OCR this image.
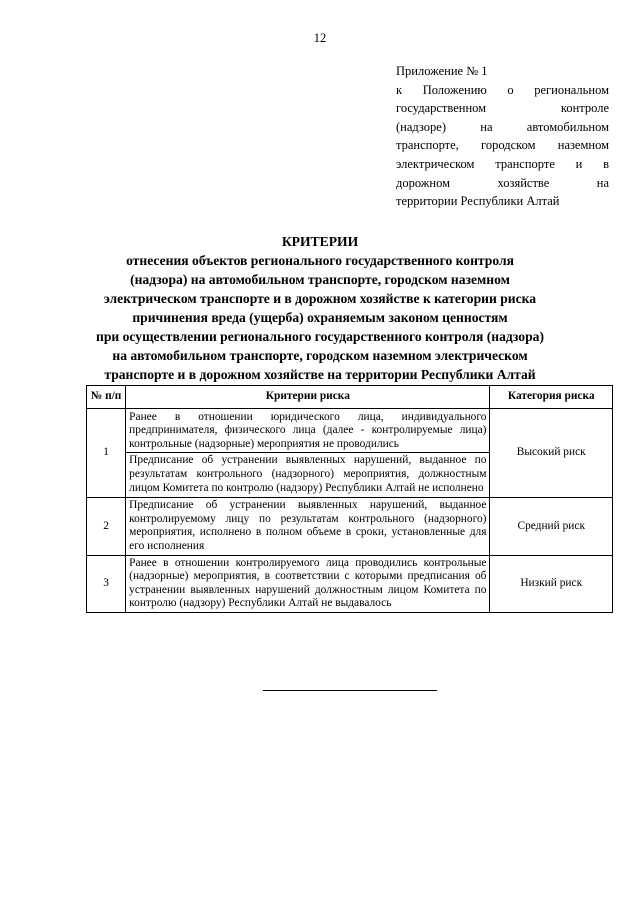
12
Приложение № 1
к Положению о региональном
государственном контроле
(надзоре) на автомобильном
транспорте, городском наземном
электрическом транспорте и в
дорожном хозяйстве на
территории Республики Алтай
КРИТЕРИИ
отнесения объектов регионального государственного контроля
(надзора) на автомобильном транспорте, городском наземном
электрическом транспорте и в дорожном хозяйстве к категории риска
причинения вреда (ущерба) охраняемым законом ценностям
при осуществлении регионального государственного контроля (надзора)
на автомобильном транспорте, городском наземном электрическом
транспорте и в дорожном хозяйстве на территории Республики Алтай
№ п/п	Критерии риска	Категория риска
1	Ранее в отношении юридического лица, индивидуального предпринимателя, физического лица (далее - контролируемые лица) контрольные (надзорные) мероприятия не проводились
Предписание об устранении выявленных нарушений, выданное по результатам контрольного (надзорного) мероприятия, должностным лицом Комитета по контролю (надзору) Республики Алтай не исполнено	Высокий риск
2	Предписание об устранении выявленных нарушений, выданное контролируемому лицу по результатам контрольного (надзорного) мероприятия, исполнено в полном объеме в сроки, установленные для его исполнения	Средний риск
3	Ранее в отношении контролируемого лица проводились контрольные (надзорные) мероприятия, в соответствии с которыми предписания об устранении выявленных нарушений должностным лицом Комитета по контролю (надзору) Республики Алтай не выдавалось	Низкий риск
